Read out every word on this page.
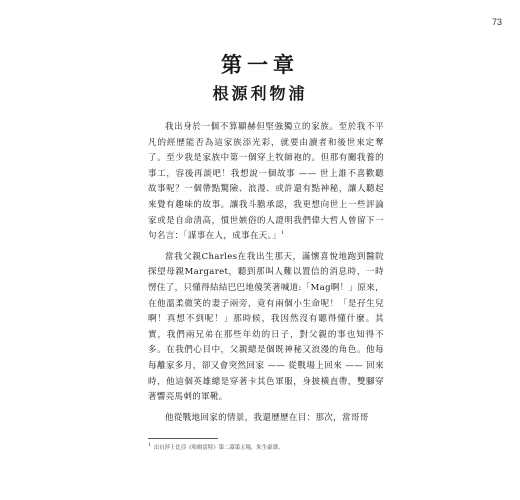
73
第一章
根源利物浦

我出身於一個不算顯赫但堅強獨立的家族。至於我不平凡的經歷能否為這家族添光彩，就要由讀者和後世來定奪了。至少我是家族中第一個穿上牧師袍的。但那有關我養的事工，容後再談吧！我想說一個故事 —— 世上誰不喜歡聽故事呢？一個帶點驚險、浪漫、或許還有點神秘，讓人聽起來覺有趣味的故事。讓我斗膽承認，我更想向世上一些評論家或是自命清高，憤世嫉俗的人證明我們偉大哲人曾留下一句名言：「謀事在人，成事在天。」$^1$

當我父親Charles在我出生那天，滿懷喜悅地跑到醫院探望母親Margaret，聽到那叫人難以置信的消息時，一時愣住了，只懂得結結巴巴地傻笑著喊道:「Mag啊！」原來，在他溫柔微笑的妻子兩旁，竟有兩個小生命呢！「是孖生兒啊！真想不到呢！」那時候，我因然沒有聽得懂什麼。其實，我們兩兄弟在那些年幼的日子，對父親的事也知得不多。在我們心目中，父親總是個既神秘又浪漫的角色。他每每離家多月，卻又會突然回家 —— 從戰場上回來 —— 回來時，他這個英雄總是穿著卡其色軍服，身披橫直帶，雙腳穿著響亮馬刺的軍靴。

他從戰地回家的情景，我還歷歷在目：那次，當哥哥

$^1$ 出自莎士比亞《哈姆雷特》第二幕第五場，朱生豪譯。
